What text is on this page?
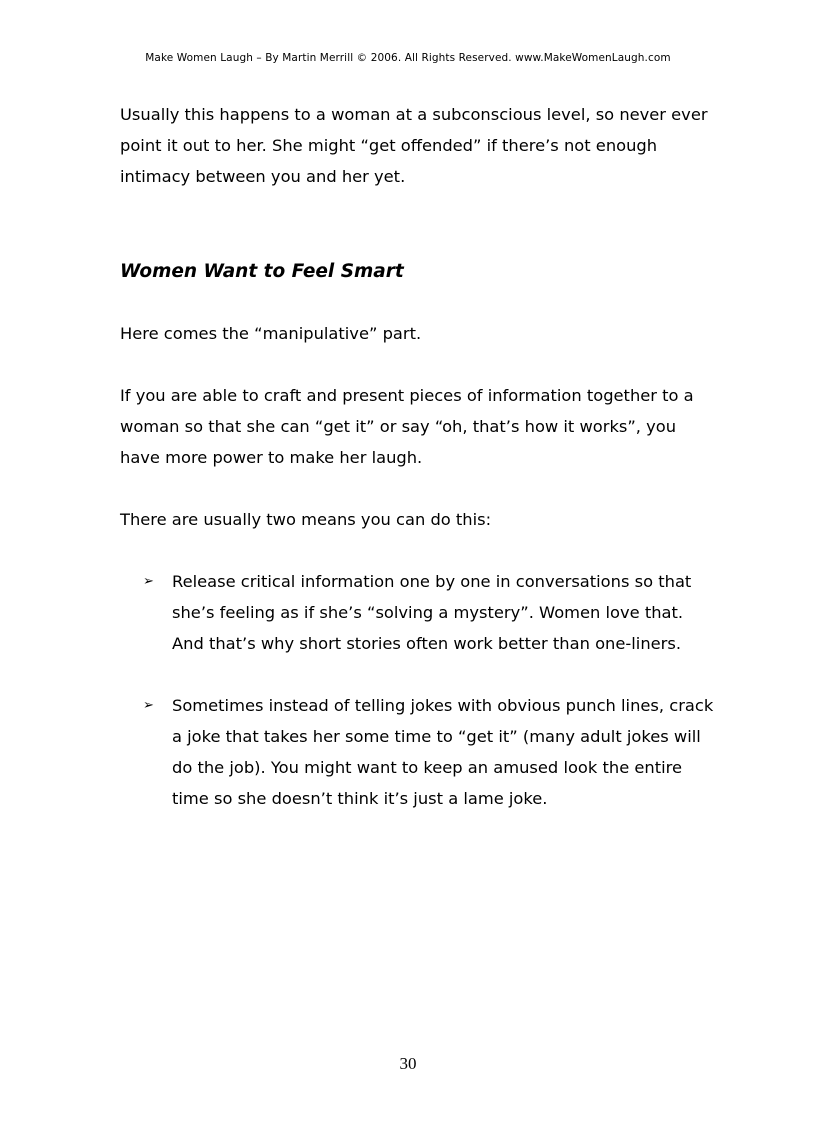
Make Women Laugh – By Martin Merrill © 2006. All Rights Reserved. www.MakeWomenLaugh.com

Usually this happens to a woman at a subconscious level, so never ever point it out to her. She might “get offended” if there’s not enough intimacy between you and her yet.

Women Want to Feel Smart

Here comes the “manipulative” part.

If you are able to craft and present pieces of information together to a woman so that she can “get it” or say “oh, that’s how it works”, you have more power to make her laugh.

There are usually two means you can do this:

➢ Release critical information one by one in conversations so that she’s feeling as if she’s “solving a mystery”. Women love that. And that’s why short stories often work better than one-liners.
➢ Sometimes instead of telling jokes with obvious punch lines, crack a joke that takes her some time to “get it” (many adult jokes will do the job). You might want to keep an amused look the entire time so she doesn’t think it’s just a lame joke.
30
